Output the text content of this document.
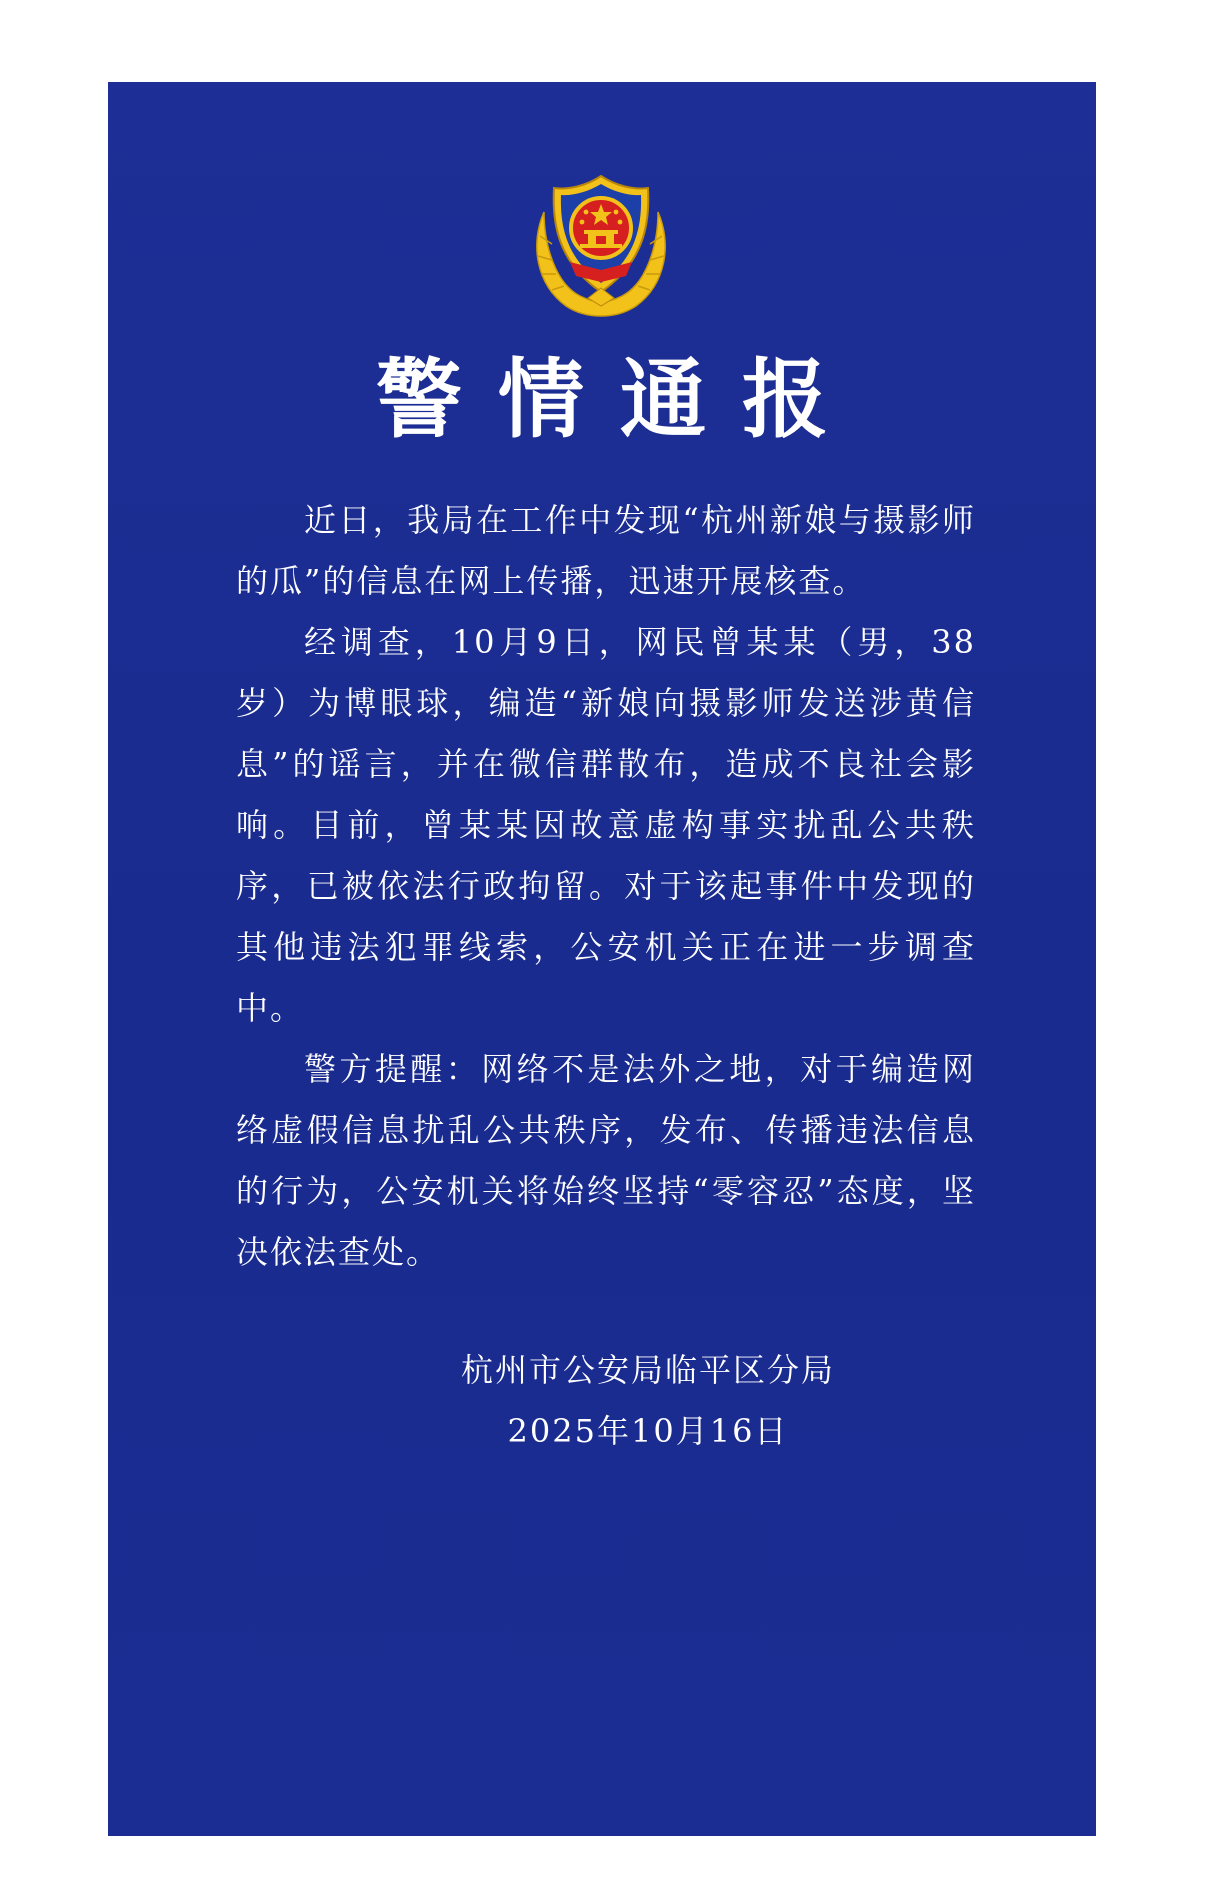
警情通报

近日，我局在工作中发现“杭州新娘与摄影师的瓜”的信息在网上传播，迅速开展核查。

经调查，10月9日，网民曾某某（男，38岁）为博眼球，编造“新娘向摄影师发送涉黄信息”的谣言，并在微信群散布，造成不良社会影响。目前，曾某某因故意虚构事实扰乱公共秩序，已被依法行政拘留。对于该起事件中发现的其他违法犯罪线索，公安机关正在进一步调查中。

警方提醒：网络不是法外之地，对于编造网络虚假信息扰乱公共秩序，发布、传播违法信息的行为，公安机关将始终坚持“零容忍”态度，坚决依法查处。

杭州市公安局临平区分局
2025年10月16日
